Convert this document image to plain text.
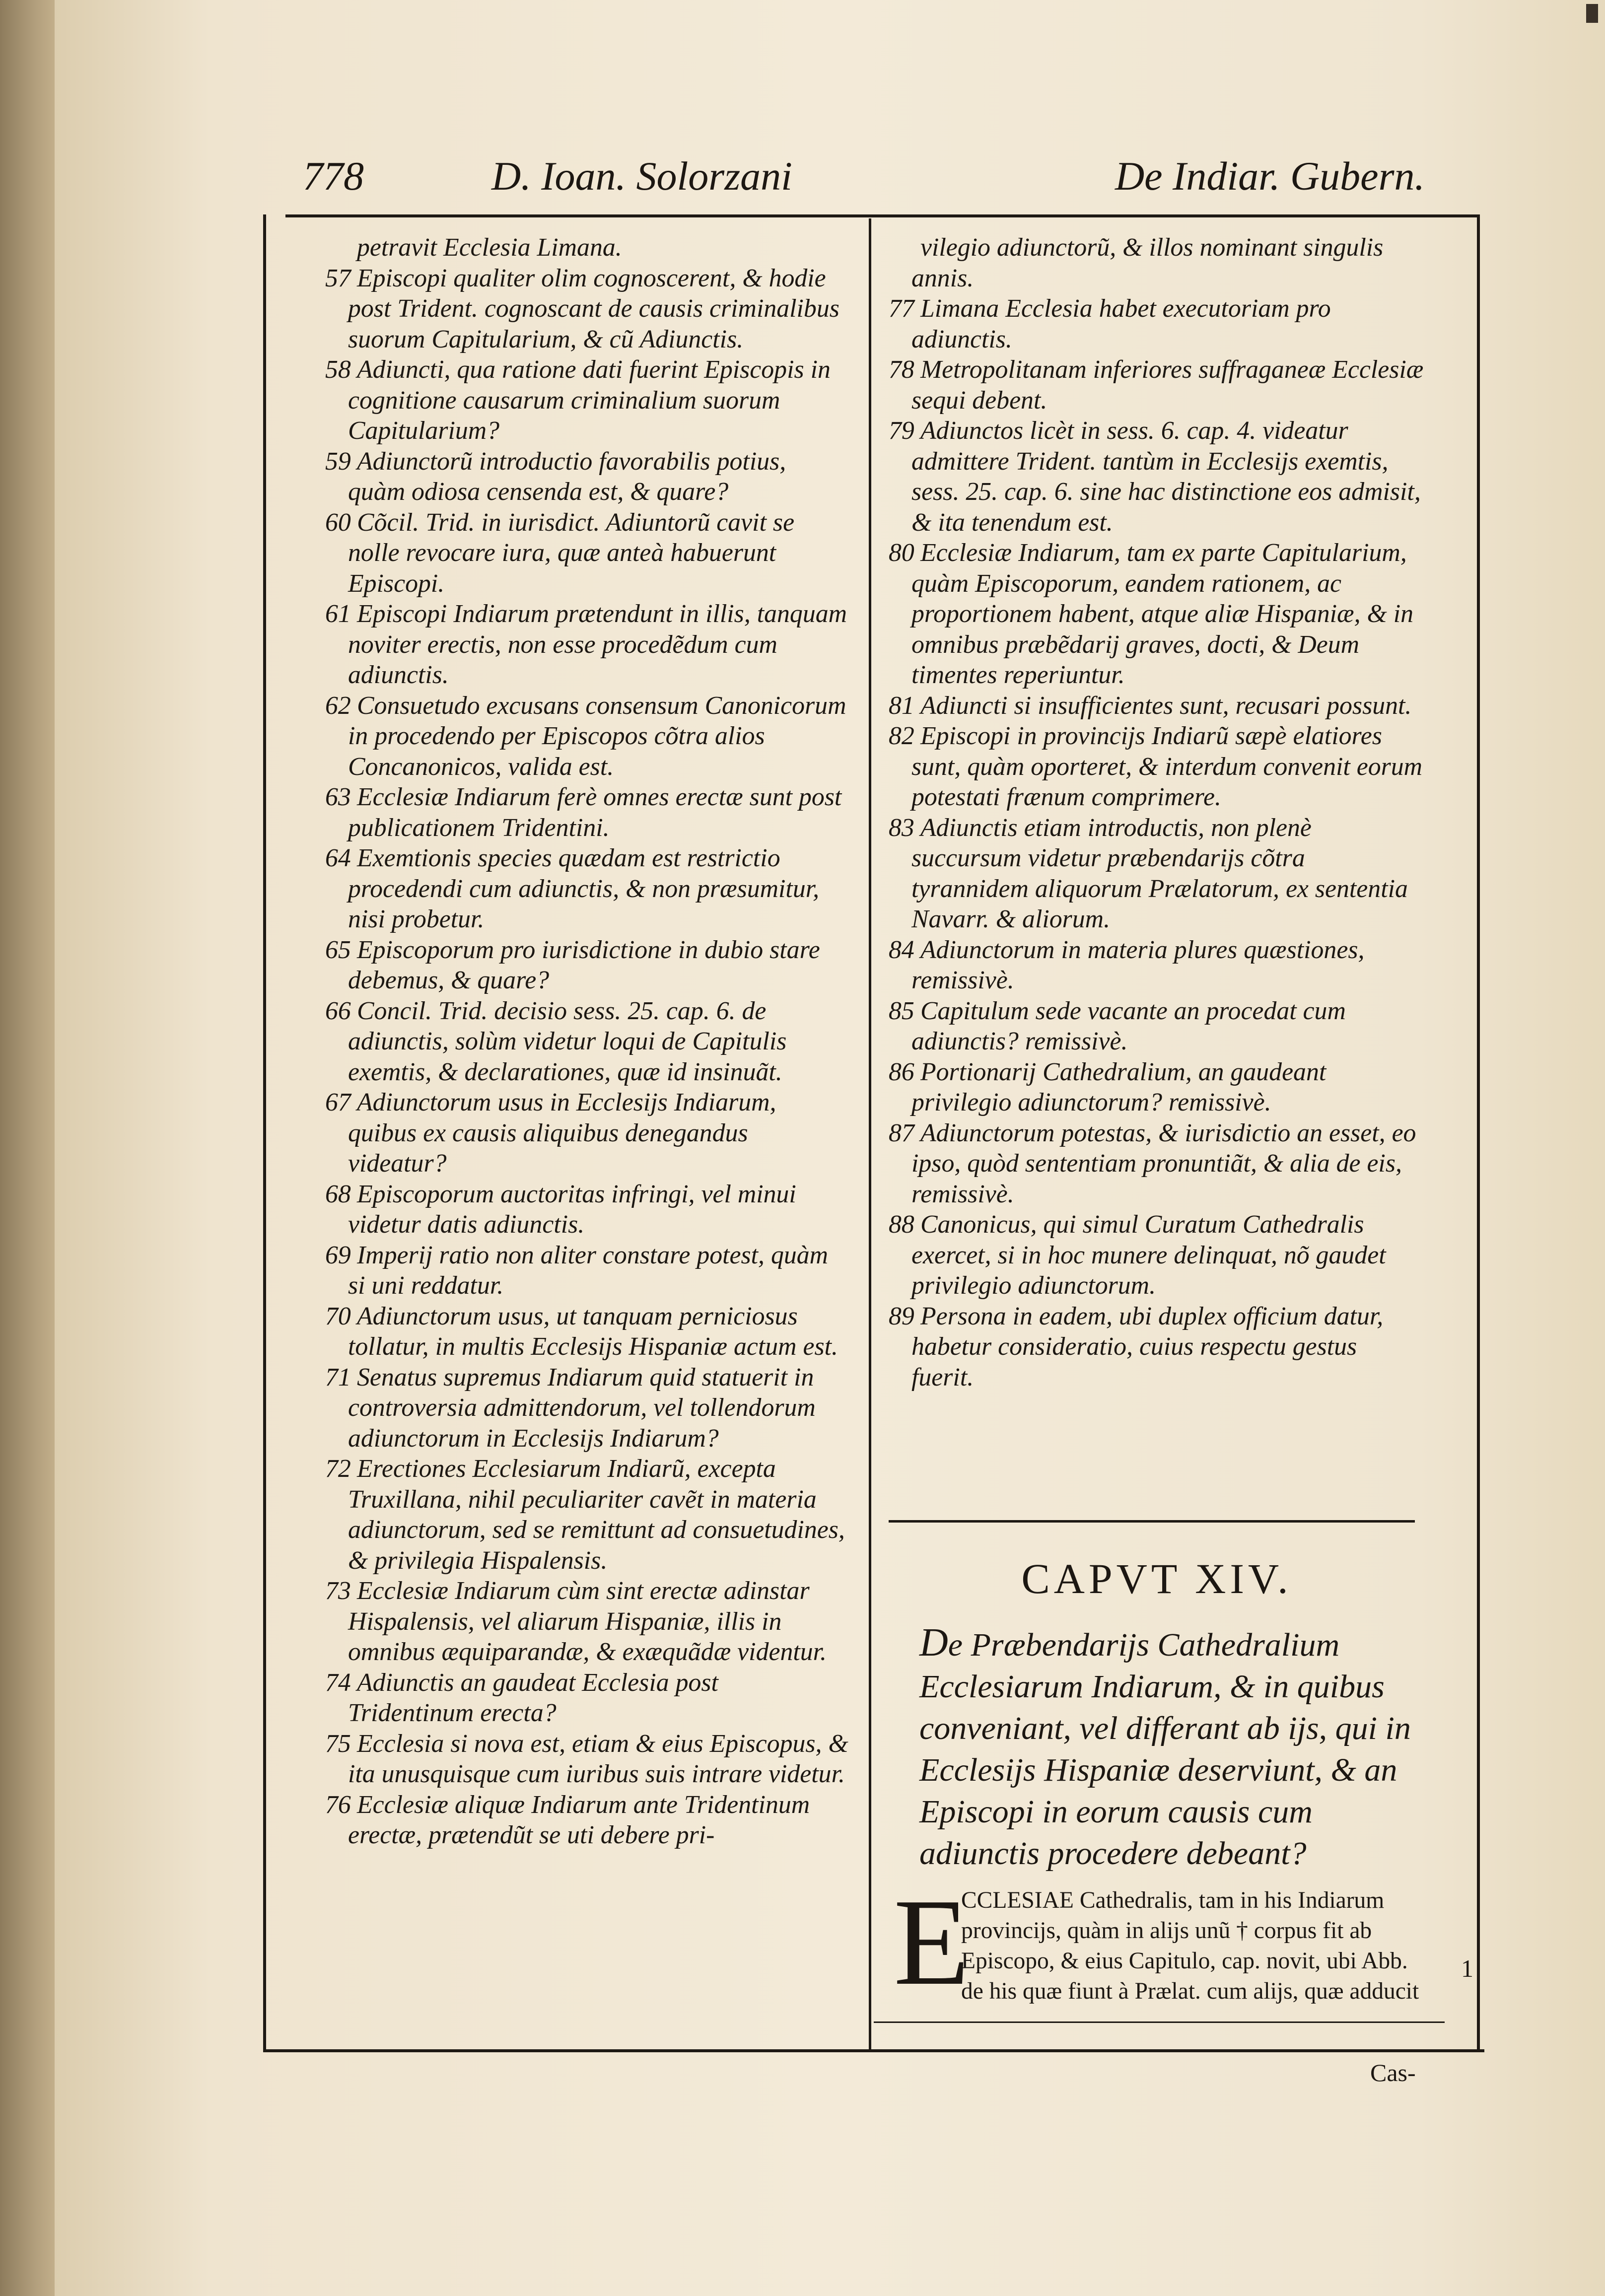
778	D. Ioan. Solorzani	De Indiar. Gubern.
petravit Ecclesia Limana.
57 Episcopi qualiter olim cognoscerent, & hodie post Trident. cognoscant de causis criminalibus suorum Capitularium, & cũ Adiunctis.
58 Adiuncti, qua ratione dati fuerint Episcopis in cognitione causarum criminalium suorum Capitularium?
59 Adiunctorũ introductio favorabilis potius, quàm odiosa censenda est, & quare?
60 Cõcil. Trid. in iurisdict. Adiuntorũ cavit se nolle revocare iura, quæ anteà habuerunt Episcopi.
61 Episcopi Indiarum prætendunt in illis, tanquam noviter erectis, non esse procedẽdum cum adiunctis.
62 Consuetudo excusans consensum Canonicorum in procedendo per Episcopos cõtra alios Concanonicos, valida est.
63 Ecclesiæ Indiarum ferè omnes erectæ sunt post publicationem Tridentini.
64 Exemtionis species quædam est restrictio procedendi cum adiunctis, & non præsumitur, nisi probetur.
65 Episcoporum pro iurisdictione in dubio stare debemus, & quare?
66 Concil. Trid. decisio sess. 25. cap. 6. de adiunctis, solùm videtur loqui de Capitulis exemtis, & declarationes, quæ id insinuãt.
67 Adiunctorum usus in Ecclesijs Indiarum, quibus ex causis aliquibus denegandus videatur?
68 Episcoporum auctoritas infringi, vel minui videtur datis adiunctis.
69 Imperij ratio non aliter constare potest, quàm si uni reddatur.
70 Adiunctorum usus, ut tanquam perniciosus tollatur, in multis Ecclesijs Hispaniæ actum est.
71 Senatus supremus Indiarum quid statuerit in controversia admittendorum, vel tollendorum adiunctorum in Ecclesijs Indiarum?
72 Erectiones Ecclesiarum Indiarũ, excepta Truxillana, nihil peculiariter cavẽt in materia adiunctorum, sed se remittunt ad consuetudines, & privilegia Hispalensis.
73 Ecclesiæ Indiarum cùm sint erectæ adinstar Hispalensis, vel aliarum Hispaniæ, illis in omnibus æquiparandæ, & exæquãdæ videntur.
74 Adiunctis an gaudeat Ecclesia post Tridentinum erecta?
75 Ecclesia si nova est, etiam & eius Episcopus, & ita unusquisque cum iuribus suis intrare videtur.
76 Ecclesiæ aliquæ Indiarum ante Tridentinum erectæ, prætendũt se uti debere pri-
vilegio adiunctorũ, & illos nominant singulis annis.
77 Limana Ecclesia habet executoriam pro adiunctis.
78 Metropolitanam inferiores suffraganeæ Ecclesiæ sequi debent.
79 Adiunctos licèt in sess. 6. cap. 4. videatur admittere Trident. tantùm in Ecclesijs exemtis, sess. 25. cap. 6. sine hac distinctione eos admisit, & ita tenendum est.
80 Ecclesiæ Indiarum, tam ex parte Capitularium, quàm Episcoporum, eandem rationem, ac proportionem habent, atque aliæ Hispaniæ, & in omnibus præbẽdarij graves, docti, & Deum timentes reperiuntur.
81 Adiuncti si insufficientes sunt, recusari possunt.
82 Episcopi in provincijs Indiarũ sæpè elatiores sunt, quàm oporteret, & interdum convenit eorum potestati frænum comprimere.
83 Adiunctis etiam introductis, non plenè succursum videtur præbendarijs cõtra tyrannidem aliquorum Prælatorum, ex sententia Navarr. & aliorum.
84 Adiunctorum in materia plures quæstiones, remissivè.
85 Capitulum sede vacante an procedat cum adiunctis? remissivè.
86 Portionarij Cathedralium, an gaudeant privilegio adiunctorum? remissivè.
87 Adiunctorum potestas, & iurisdictio an esset, eo ipso, quòd sententiam pronuntiãt, & alia de eis, remissivè.
88 Canonicus, qui simul Curatum Cathedralis exercet, si in hoc munere delinquat, nõ gaudet privilegio adiunctorum.
89 Persona in eadem, ubi duplex officium datur, habetur consideratio, cuius respectu gestus fuerit.
CAPVT XIV.

De Præbendarijs Cathedralium Ecclesiarum Indiarum, & in quibus conveniant, vel differant ab ijs, qui in Ecclesijs Hispaniæ deserviunt, & an Episcopi in eorum causis cum adiunctis procedere debeant?

E

CCLESIAE Cathedralis, tam in his Indiarum provincijs, quàm in alijs unũ † corpus fit ab Episcopo, & eius Capitulo, cap. novit, ubi Abb. de his quæ fiunt à Prælat. cum alijs, quæ adducit

1
Cas-
